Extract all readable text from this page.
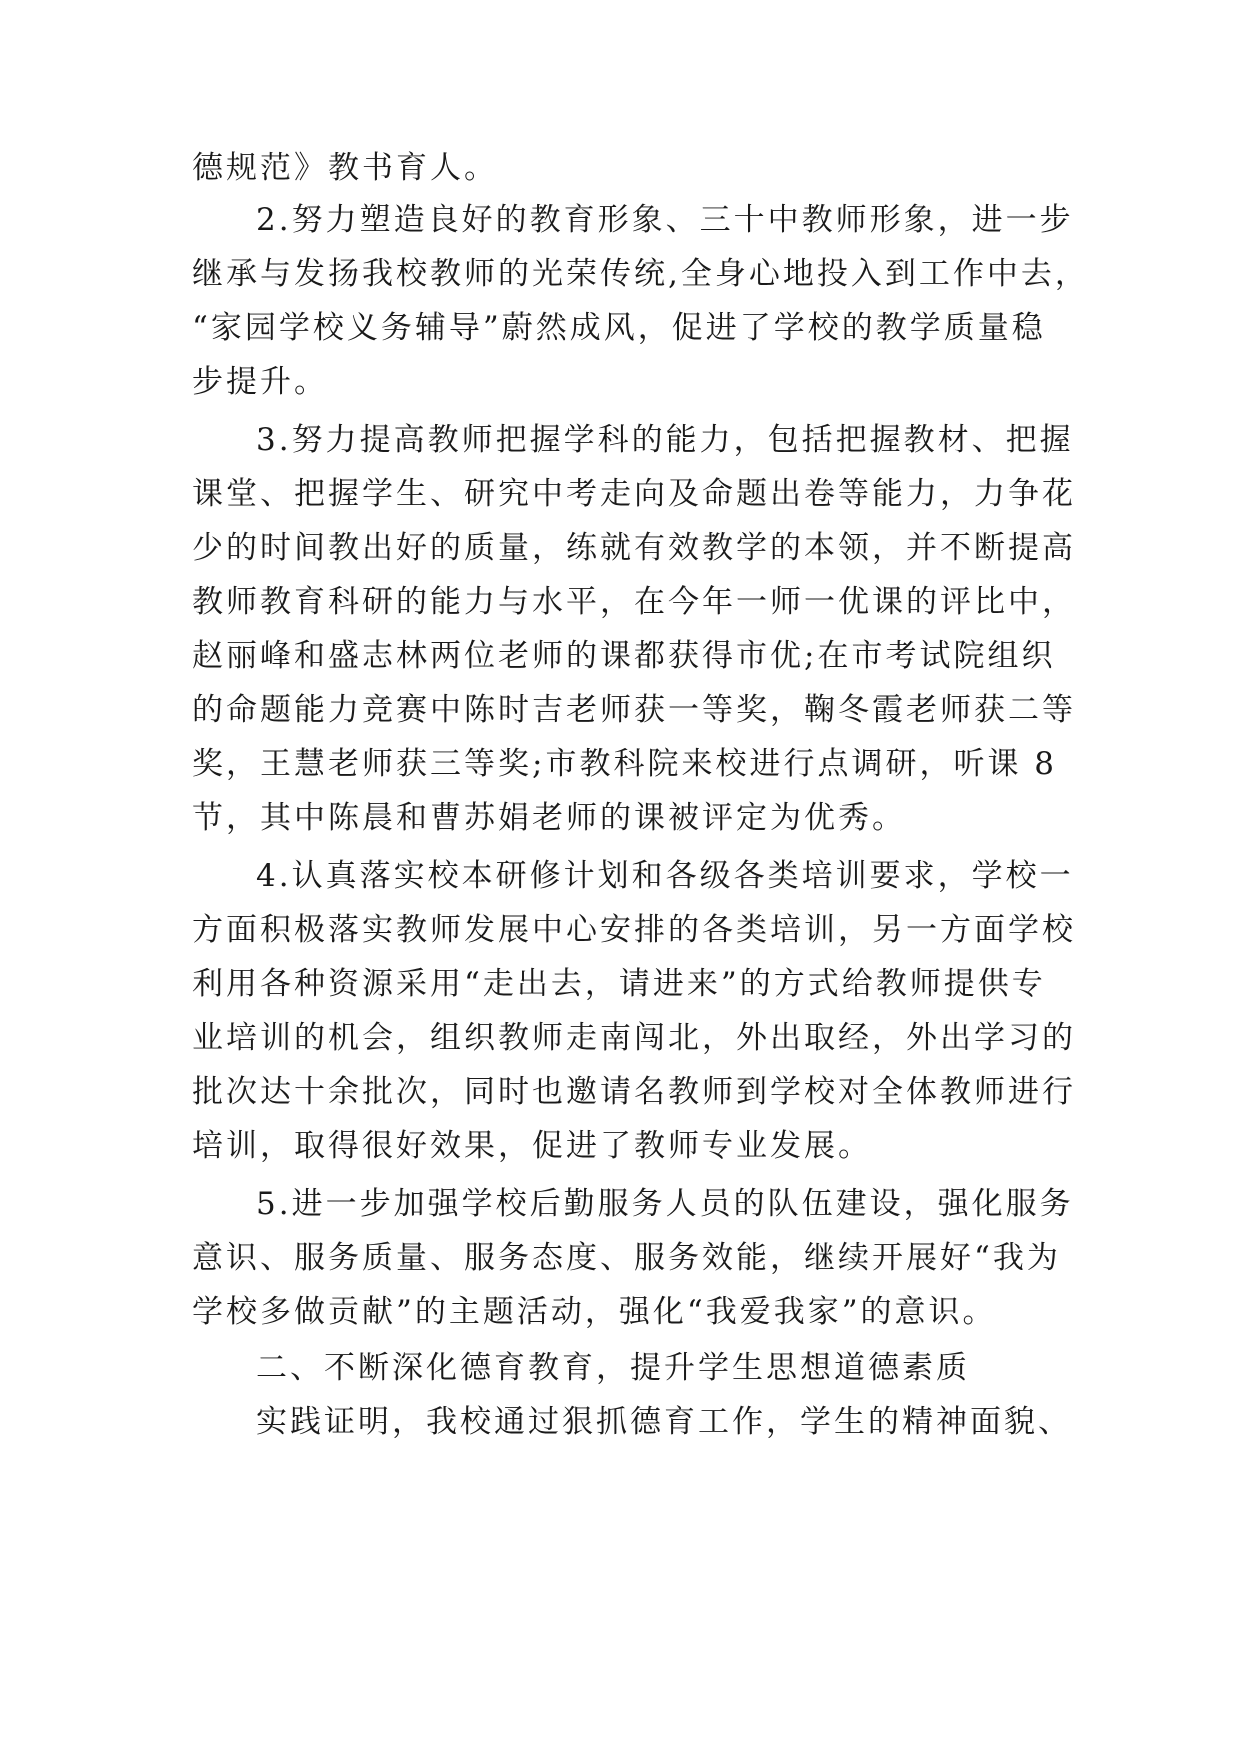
德规范》教书育人。
2.努力塑造良好的教育形象、三十中教师形象，进一步
继承与发扬我校教师的光荣传统,全身心地投入到工作中去，
“家园学校义务辅导”蔚然成风，促进了学校的教学质量稳
步提升。
3.努力提高教师把握学科的能力，包括把握教材、把握
课堂、把握学生、研究中考走向及命题出卷等能力，力争花
少的时间教出好的质量，练就有效教学的本领，并不断提高
教师教育科研的能力与水平，在今年一师一优课的评比中，
赵丽峰和盛志林两位老师的课都获得市优;在市考试院组织
的命题能力竞赛中陈时吉老师获一等奖，鞠冬霞老师获二等
奖，王慧老师获三等奖;市教科院来校进行点调研，听课 8
节，其中陈晨和曹苏娟老师的课被评定为优秀。
4.认真落实校本研修计划和各级各类培训要求，学校一
方面积极落实教师发展中心安排的各类培训，另一方面学校
利用各种资源采用“走出去，请进来”的方式给教师提供专
业培训的机会，组织教师走南闯北，外出取经，外出学习的
批次达十余批次，同时也邀请名教师到学校对全体教师进行
培训，取得很好效果，促进了教师专业发展。
5.进一步加强学校后勤服务人员的队伍建设，强化服务
意识、服务质量、服务态度、服务效能，继续开展好“我为
学校多做贡献”的主题活动，强化“我爱我家”的意识。
二、不断深化德育教育，提升学生思想道德素质
实践证明，我校通过狠抓德育工作，学生的精神面貌、
